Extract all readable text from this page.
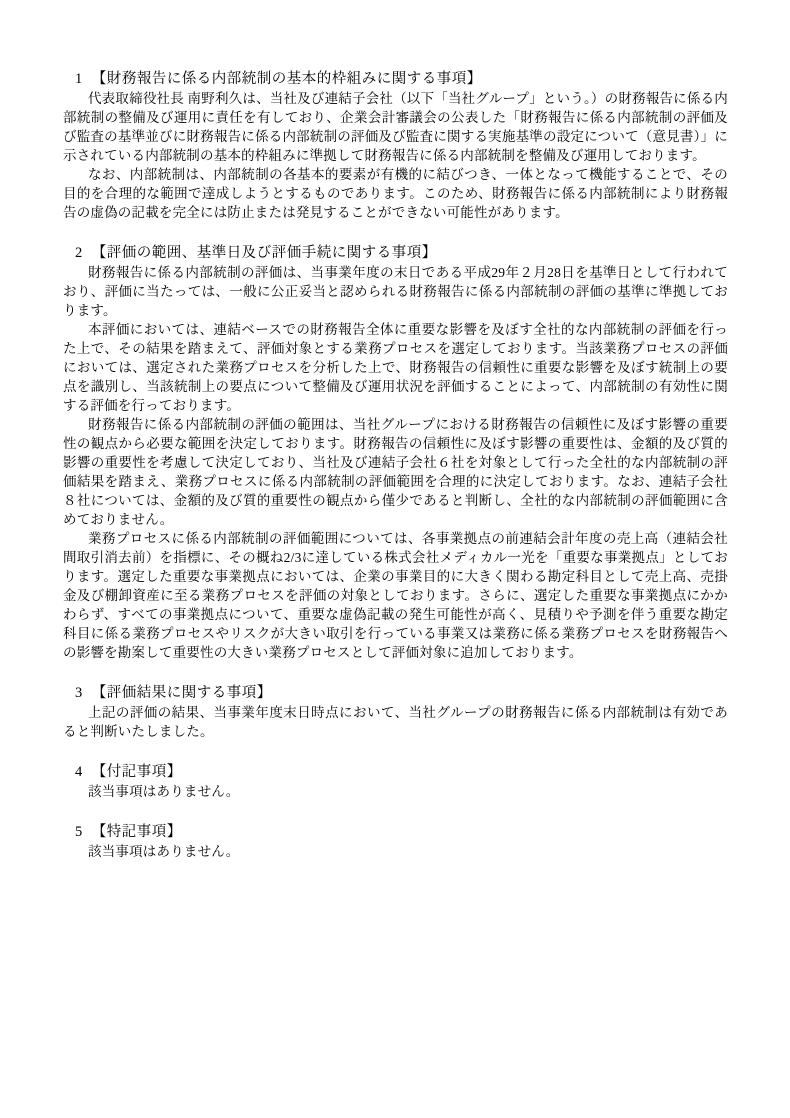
1 【財務報告に係る内部統制の基本的枠組みに関する事項】

代表取締役社長 南野利久は、当社及び連結子会社（以下「当社グループ」という。）の財務報告に係る内部統制の整備及び運用に責任を有しており、企業会計審議会の公表した「財務報告に係る内部統制の評価及び監査の基準並びに財務報告に係る内部統制の評価及び監査に関する実施基準の設定について（意見書）」に示されている内部統制の基本的枠組みに準拠して財務報告に係る内部統制を整備及び運用しております。

なお、内部統制は、内部統制の各基本的要素が有機的に結びつき、一体となって機能することで、その目的を合理的な範囲で達成しようとするものであります。このため、財務報告に係る内部統制により財務報告の虚偽の記載を完全には防止または発見することができない可能性があります。

2 【評価の範囲、基準日及び評価手続に関する事項】

財務報告に係る内部統制の評価は、当事業年度の末日である平成29年２月28日を基準日として行われており、評価に当たっては、一般に公正妥当と認められる財務報告に係る内部統制の評価の基準に準拠しております。

本評価においては、連結ベースでの財務報告全体に重要な影響を及ぼす全社的な内部統制の評価を行った上で、その結果を踏まえて、評価対象とする業務プロセスを選定しております。当該業務プロセスの評価においては、選定された業務プロセスを分析した上で、財務報告の信頼性に重要な影響を及ぼす統制上の要点を識別し、当該統制上の要点について整備及び運用状況を評価することによって、内部統制の有効性に関する評価を行っております。

財務報告に係る内部統制の評価の範囲は、当社グループにおける財務報告の信頼性に及ぼす影響の重要性の観点から必要な範囲を決定しております。財務報告の信頼性に及ぼす影響の重要性は、金額的及び質的影響の重要性を考慮して決定しており、当社及び連結子会社６社を対象として行った全社的な内部統制の評価結果を踏まえ、業務プロセスに係る内部統制の評価範囲を合理的に決定しております。なお、連結子会社８社については、金額的及び質的重要性の観点から僅少であると判断し、全社的な内部統制の評価範囲に含めておりません。

業務プロセスに係る内部統制の評価範囲については、各事業拠点の前連結会計年度の売上高（連結会社間取引消去前）を指標に、その概ね2/3に達している株式会社メディカル一光を「重要な事業拠点」としております。選定した重要な事業拠点においては、企業の事業目的に大きく関わる勘定科目として売上高、売掛金及び棚卸資産に至る業務プロセスを評価の対象としております。さらに、選定した重要な事業拠点にかかわらず、すべての事業拠点について、重要な虚偽記載の発生可能性が高く、見積りや予測を伴う重要な勘定科目に係る業務プロセスやリスクが大きい取引を行っている事業又は業務に係る業務プロセスを財務報告への影響を勘案して重要性の大きい業務プロセスとして評価対象に追加しております。

3 【評価結果に関する事項】

上記の評価の結果、当事業年度末日時点において、当社グループの財務報告に係る内部統制は有効であると判断いたしました。

4 【付記事項】

該当事項はありません。

5 【特記事項】

該当事項はありません。
